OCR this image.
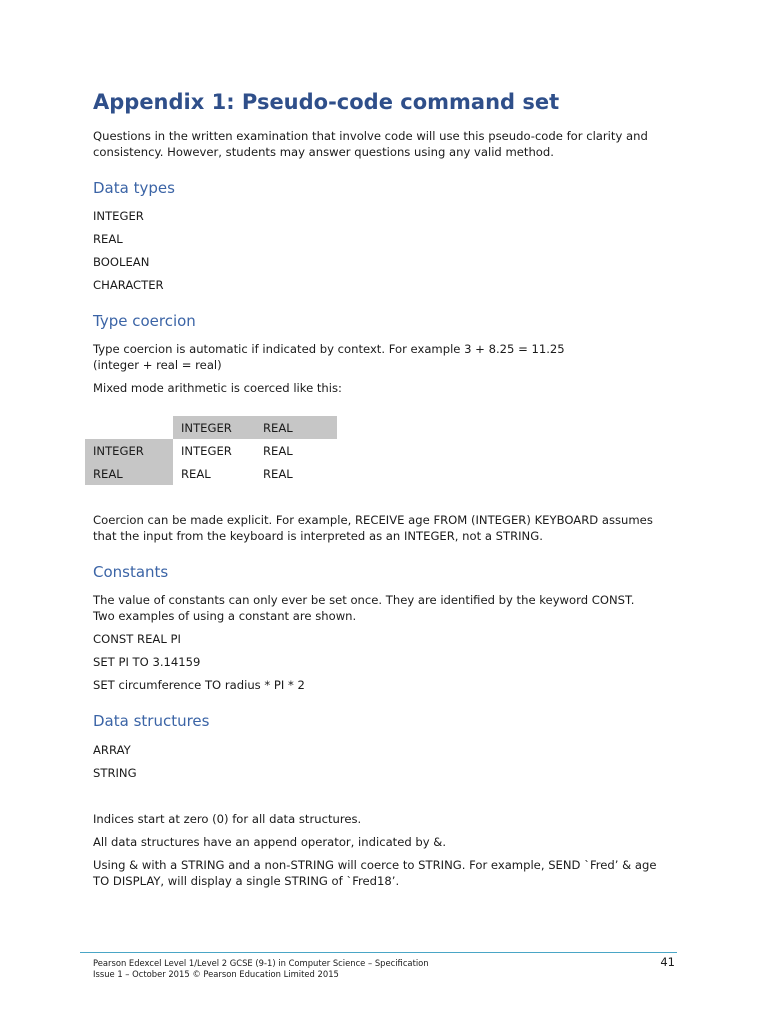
Appendix 1: Pseudo-code command set

Questions in the written examination that involve code will use this pseudo-code for clarity and

consistency. However, students may answer questions using any valid method.

Data types

INTEGER

REAL

BOOLEAN

CHARACTER

Type coercion

Type coercion is automatic if indicated by context. For example 3 + 8.25 = 11.25

(integer + real = real)

Mixed mode arithmetic is coerced like this:

	INTEGER	REAL
INTEGER	INTEGER	REAL
REAL	REAL	REAL

Coercion can be made explicit. For example, RECEIVE age FROM (INTEGER) KEYBOARD assumes

that the input from the keyboard is interpreted as an INTEGER, not a STRING.

Constants

The value of constants can only ever be set once. They are identified by the keyword CONST.

Two examples of using a constant are shown.

CONST REAL PI

SET PI TO 3.14159

SET circumference TO radius * PI * 2

Data structures

ARRAY

STRING

Indices start at zero (0) for all data structures.

All data structures have an append operator, indicated by &.

Using & with a STRING and a non-STRING will coerce to STRING. For example, SEND `Fred’ & age

TO DISPLAY, will display a single STRING of `Fred18’.

Pearson Edexcel Level 1/Level 2 GCSE (9-1) in Computer Science – Specification
Issue 1 – October 2015 © Pearson Education Limited 2015
41
